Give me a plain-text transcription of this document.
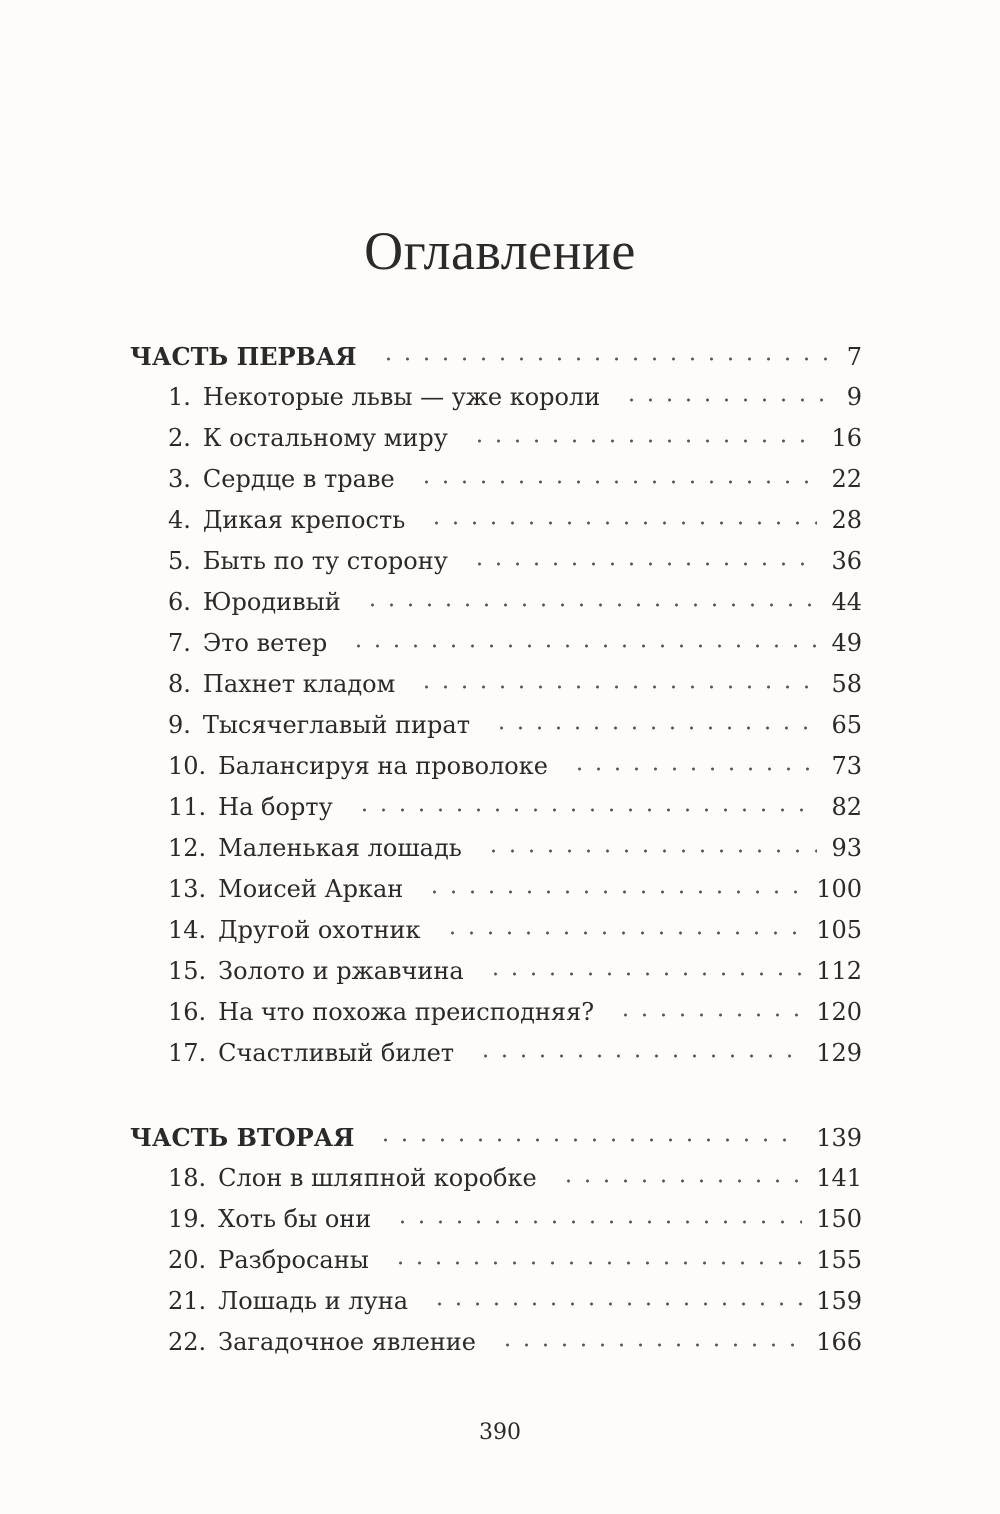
Оглавление
ЧАСТЬ ПЕРВАЯ	7
1. Некоторые львы — уже короли	9
2. К остальному миру	16
3. Сердце в траве	22
4. Дикая крепость	28
5. Быть по ту сторону	36
6. Юродивый	44
7. Это ветер	49
8. Пахнет кладом	58
9. Тысячеглавый пират	65
10. Балансируя на проволоке	73
11. На борту	82
12. Маленькая лошадь	93
13. Моисей Аркан	100
14. Другой охотник	105
15. Золото и ржавчина	112
16. На что похожа преисподняя?	120
17. Счастливый билет	129
ЧАСТЬ ВТОРАЯ	139
18. Слон в шляпной коробке	141
19. Хоть бы они	150
20. Разбросаны	155
21. Лошадь и луна	159
22. Загадочное явление	166
390
